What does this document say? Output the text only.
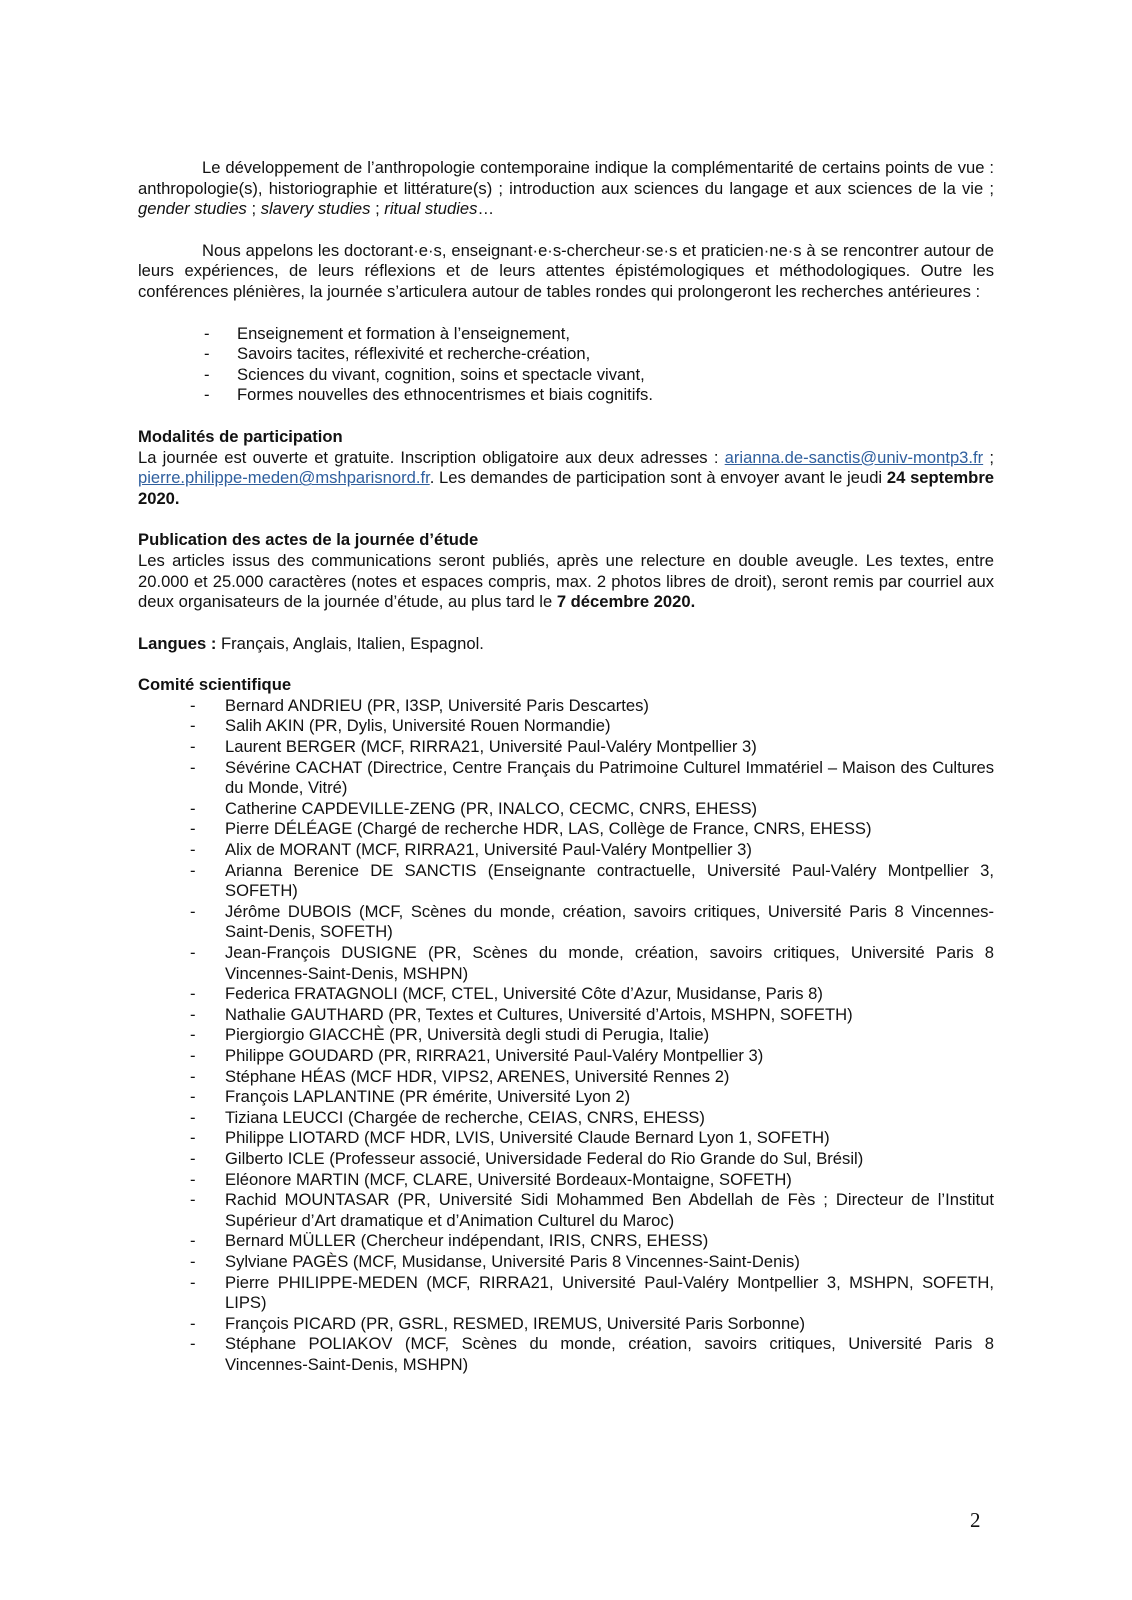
Le développement de l’anthropologie contemporaine indique la complémentarité de certains points de vue : anthropologie(s), historiographie et littérature(s) ; introduction aux sciences du langage et aux sciences de la vie ; gender studies ; slavery studies ; ritual studies…

Nous appelons les doctorant·e·s, enseignant·e·s-chercheur·se·s et praticien·ne·s à se rencontrer autour de leurs expériences, de leurs réflexions et de leurs attentes épistémologiques et méthodologiques. Outre les conférences plénières, la journée s’articulera autour de tables rondes qui prolongeront les recherches antérieures :

- Enseignement et formation à l’enseignement,
- Savoirs tacites, réflexivité et recherche-création,
- Sciences du vivant, cognition, soins et spectacle vivant,
- Formes nouvelles des ethnocentrismes et biais cognitifs.

Modalités de participation

La journée est ouverte et gratuite. Inscription obligatoire aux deux adresses : arianna.de-sanctis@univ-montp3.fr ; pierre.philippe-meden@mshparisnord.fr. Les demandes de participation sont à envoyer avant le jeudi 24 septembre 2020.

Publication des actes de la journée d’étude

Les articles issus des communications seront publiés, après une relecture en double aveugle. Les textes, entre 20.000 et 25.000 caractères (notes et espaces compris, max. 2 photos libres de droit), seront remis par courriel aux deux organisateurs de la journée d’étude, au plus tard le 7 décembre 2020.

Langues : Français, Anglais, Italien, Espagnol.

Comité scientifique

- Bernard ANDRIEU (PR, I3SP, Université Paris Descartes)
- Salih AKIN (PR, Dylis, Université Rouen Normandie)
- Laurent BERGER (MCF, RIRRA21, Université Paul-Valéry Montpellier 3)
- Sévérine CACHAT (Directrice, Centre Français du Patrimoine Culturel Immatériel – Maison des Cultures du Monde, Vitré)
- Catherine CAPDEVILLE-ZENG (PR, INALCO, CECMC, CNRS, EHESS)
- Pierre DÉLÉAGE (Chargé de recherche HDR, LAS, Collège de France, CNRS, EHESS)
- Alix de MORANT (MCF, RIRRA21, Université Paul-Valéry Montpellier 3)
- Arianna Berenice DE SANCTIS (Enseignante contractuelle, Université Paul-Valéry Montpellier 3, SOFETH)
- Jérôme DUBOIS (MCF, Scènes du monde, création, savoirs critiques, Université Paris 8 Vincennes-Saint-Denis, SOFETH)
- Jean-François DUSIGNE (PR, Scènes du monde, création, savoirs critiques, Université Paris 8 Vincennes-Saint-Denis, MSHPN)
- Federica FRATAGNOLI (MCF, CTEL, Université Côte d’Azur, Musidanse, Paris 8)
- Nathalie GAUTHARD (PR, Textes et Cultures, Université d’Artois, MSHPN, SOFETH)
- Piergiorgio GIACCHÈ (PR, Università degli studi di Perugia, Italie)
- Philippe GOUDARD (PR, RIRRA21, Université Paul-Valéry Montpellier 3)
- Stéphane HÉAS (MCF HDR, VIPS2, ARENES, Université Rennes 2)
- François LAPLANTINE (PR émérite, Université Lyon 2)
- Tiziana LEUCCI (Chargée de recherche, CEIAS, CNRS, EHESS)
- Philippe LIOTARD (MCF HDR, LVIS, Université Claude Bernard Lyon 1, SOFETH)
- Gilberto ICLE (Professeur associé, Universidade Federal do Rio Grande do Sul, Brésil)
- Eléonore MARTIN (MCF, CLARE, Université Bordeaux-Montaigne, SOFETH)
- Rachid MOUNTASAR (PR, Université Sidi Mohammed Ben Abdellah de Fès ; Directeur de l’Institut Supérieur d’Art dramatique et d’Animation Culturel du Maroc)
- Bernard MÜLLER (Chercheur indépendant, IRIS, CNRS, EHESS)
- Sylviane PAGÈS (MCF, Musidanse, Université Paris 8 Vincennes-Saint-Denis)
- Pierre PHILIPPE-MEDEN (MCF, RIRRA21, Université Paul-Valéry Montpellier 3, MSHPN, SOFETH, LIPS)
- François PICARD (PR, GSRL, RESMED, IREMUS, Université Paris Sorbonne)
- Stéphane POLIAKOV (MCF, Scènes du monde, création, savoirs critiques, Université Paris 8 Vincennes-Saint-Denis, MSHPN)
2
